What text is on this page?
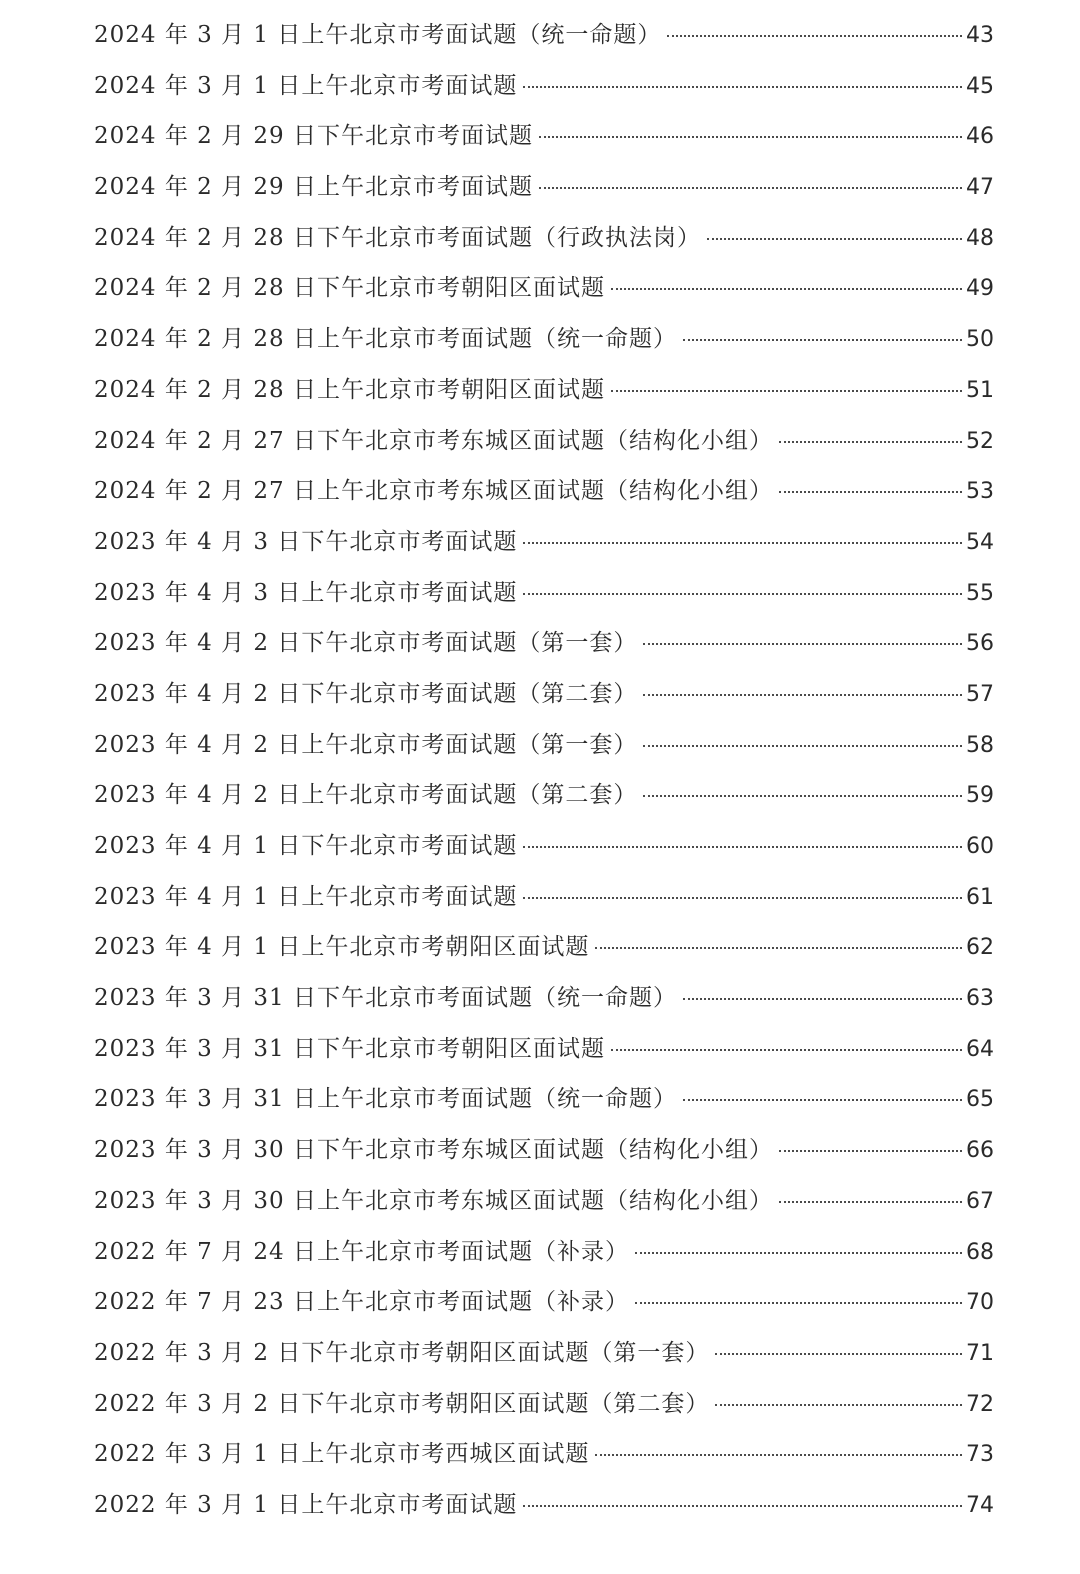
2024 年 3 月 1 日上午北京市考面试题（统一命题）	43
2024 年 3 月 1 日上午北京市考面试题	45
2024 年 2 月 29 日下午北京市考面试题	46
2024 年 2 月 29 日上午北京市考面试题	47
2024 年 2 月 28 日下午北京市考面试题（行政执法岗）	48
2024 年 2 月 28 日下午北京市考朝阳区面试题	49
2024 年 2 月 28 日上午北京市考面试题（统一命题）	50
2024 年 2 月 28 日上午北京市考朝阳区面试题	51
2024 年 2 月 27 日下午北京市考东城区面试题（结构化小组）	52
2024 年 2 月 27 日上午北京市考东城区面试题（结构化小组）	53
2023 年 4 月 3 日下午北京市考面试题	54
2023 年 4 月 3 日上午北京市考面试题	55
2023 年 4 月 2 日下午北京市考面试题（第一套）	56
2023 年 4 月 2 日下午北京市考面试题（第二套）	57
2023 年 4 月 2 日上午北京市考面试题（第一套）	58
2023 年 4 月 2 日上午北京市考面试题（第二套）	59
2023 年 4 月 1 日下午北京市考面试题	60
2023 年 4 月 1 日上午北京市考面试题	61
2023 年 4 月 1 日上午北京市考朝阳区面试题	62
2023 年 3 月 31 日下午北京市考面试题（统一命题）	63
2023 年 3 月 31 日下午北京市考朝阳区面试题	64
2023 年 3 月 31 日上午北京市考面试题（统一命题）	65
2023 年 3 月 30 日下午北京市考东城区面试题（结构化小组）	66
2023 年 3 月 30 日上午北京市考东城区面试题（结构化小组）	67
2022 年 7 月 24 日上午北京市考面试题（补录）	68
2022 年 7 月 23 日上午北京市考面试题（补录）	70
2022 年 3 月 2 日下午北京市考朝阳区面试题（第一套）	71
2022 年 3 月 2 日下午北京市考朝阳区面试题（第二套）	72
2022 年 3 月 1 日上午北京市考西城区面试题	73
2022 年 3 月 1 日上午北京市考面试题	74
